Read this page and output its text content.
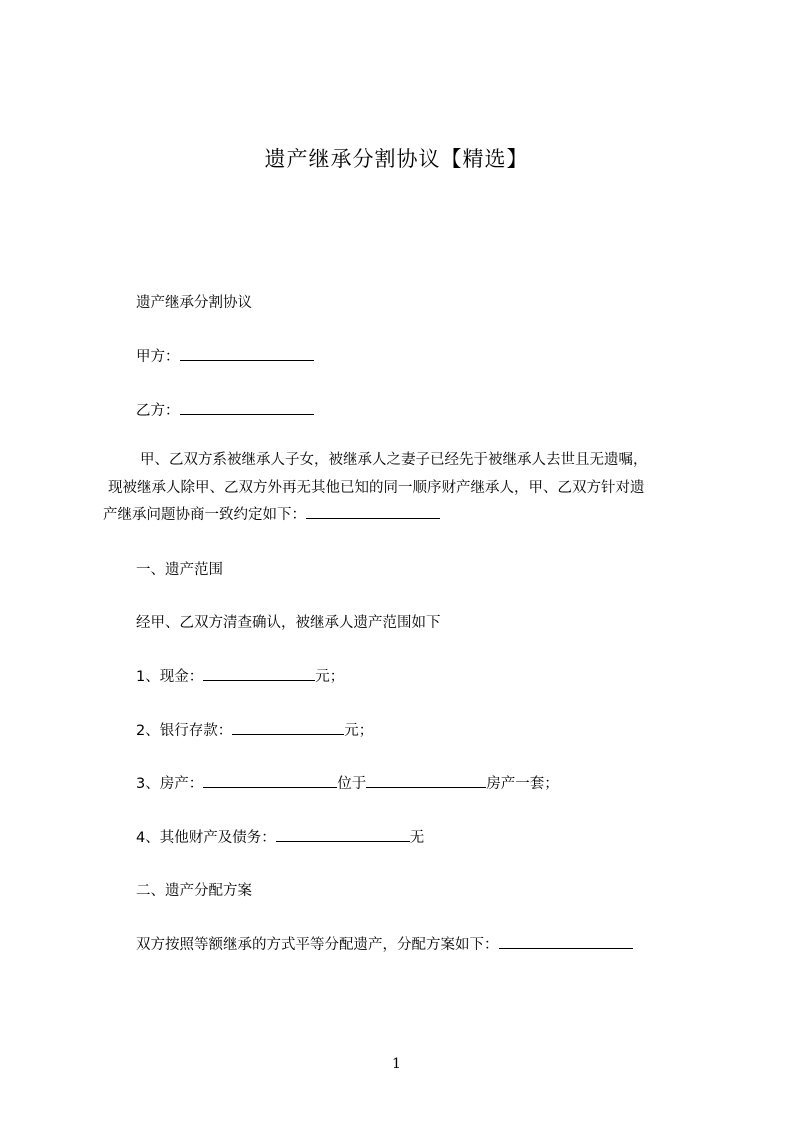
遗产继承分割协议【精选】
遗产继承分割协议
甲方：
乙方：
甲、乙双方系被继承人子女，被继承人之妻子已经先于被继承人去世且无遗嘱，
现被继承人除甲、乙双方外再无其他已知的同一顺序财产继承人，甲、乙双方针对遗
产继承问题协商一致约定如下：
一、遗产范围
经甲、乙双方清查确认，被继承人遗产范围如下
1、现金：	元；
2、银行存款：	元；
3、房产：	位于	房产一套；
4、其他财产及债务：	无
二、遗产分配方案
双方按照等额继承的方式平等分配遗产，分配方案如下：
1
